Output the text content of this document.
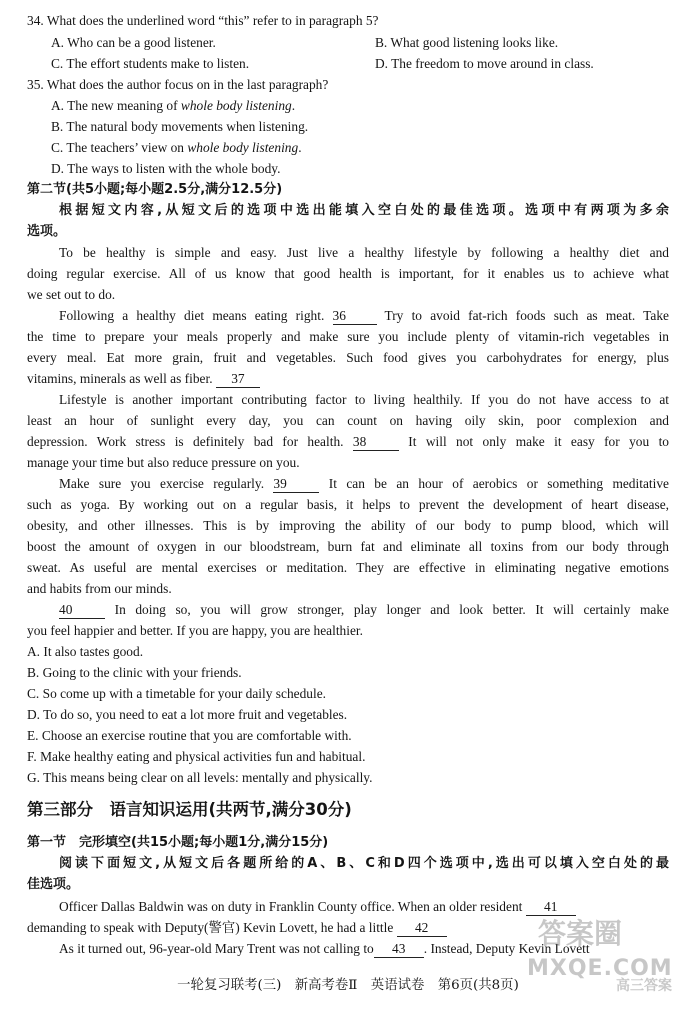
34. What does the underlined word “this” refer to in paragraph 5?
A. Who can be a good listener.	B. What good listening looks like.
C. The effort students make to listen.	D. The freedom to move around in class.
35. What does the author focus on in the last paragraph?
A. The new meaning of whole body listening.
B. The natural body movements when listening.
C. The teachers’ view on whole body listening.
D. The ways to listen with the whole body.
第二节(共5小题;每小题2.5分,满分12.5分)
根据短文内容,从短文后的选项中选出能填入空白处的最佳选项。选项中有两项为多余
选项。
To be healthy is simple and easy. Just live a healthy lifestyle by following a healthy diet and
doing regular exercise. All of us know that good health is important, for it enables us to achieve what
we set out to do.
Following a healthy diet means eating right. 36	Try to avoid fat-rich foods such as meat. Take
the time to prepare your meals properly and make sure you include plenty of vitamin-rich vegetables in
every meal. Eat more grain, fruit and vegetables. Such food gives you carbohydrates for energy, plus
vitamins, minerals as well as fiber. 37
Lifestyle is another important contributing factor to living healthily. If you do not have access to at
least an hour of sunlight every day, you can count on having oily skin, poor complexion and
depression. Work stress is definitely bad for health. 38	It will not only make it easy for you to
manage your time but also reduce pressure on you.
Make sure you exercise regularly. 39	It can be an hour of aerobics or something meditative
such as yoga. By working out on a regular basis, it helps to prevent the development of heart disease,
obesity, and other illnesses. This is by improving the ability of our body to pump blood, which will
boost the amount of oxygen in our bloodstream, burn fat and eliminate all toxins from our body through
sweat. As useful are mental exercises or meditation. They are effective in eliminating negative emotions
and habits from our minds.
40	In doing so, you will grow stronger, play longer and look better. It will certainly make
you feel happier and better. If you are happy, you are healthier.
A. It also tastes good.
B. Going to the clinic with your friends.
C. So come up with a timetable for your daily schedule.
D. To do so, you need to eat a lot more fruit and vegetables.
E. Choose an exercise routine that you are comfortable with.
F. Make healthy eating and physical activities fun and habitual.
G. This means being clear on all levels: mentally and physically.
第三部分　语言知识运用(共两节,满分30分)
第一节　完形填空(共15小题;每小题1分,满分15分)
阅读下面短文,从短文后各题所给的A、B、C和D四个选项中,选出可以填入空白处的最
佳选项。
Officer Dallas Baldwin was on duty in Franklin County office. When an older resident 41
demanding to speak with Deputy(警官) Kevin Lovett, he had a little 42
As it turned out, 96-year-old Mary Trent was not calling to 43 . Instead, Deputy Kevin Lovett
一轮复习联考(三)　新高考卷Ⅱ　英语试卷　第6页(共8页)
答案圈
MXQE.COM
高三答案
